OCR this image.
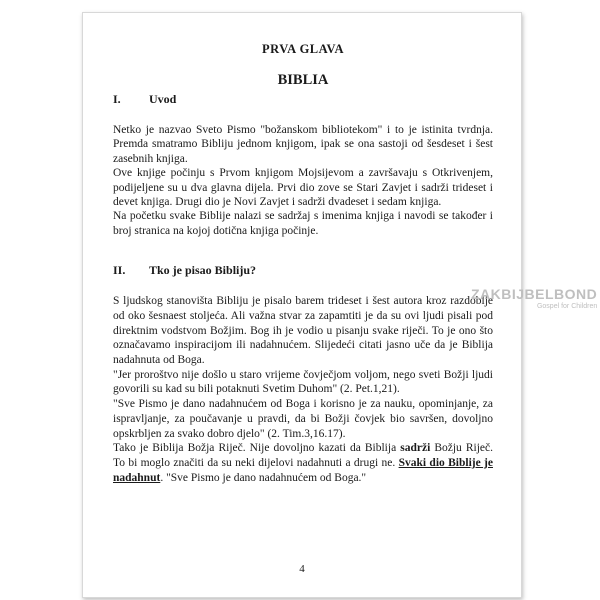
PRVA GLAVA

BIBLIA

I.	Uvod

Netko je nazvao Sveto Pismo "božanskom bibliotekom" i to je istinita tvrdnja. Premda smatramo Bibliju jednom knjigom, ipak se ona sastoji od šesdeset i šest zasebnih knjiga.

Ove knjige počinju s Prvom knjigom Mojsijevom a završavaju s Otkrivenjem, podijeljene su u dva glavna dijela. Prvi dio zove se Stari Zavjet i sadrži trideset i devet knjiga. Drugi dio je Novi Zavjet i sadrži dvadeset i sedam knjiga.

Na početku svake Biblije nalazi se sadržaj s imenima knjiga i navodi se također i broj stranica na kojoj dotična knjiga počinje.

II.	Tko je pisao Bibliju?

S ljudskog stanovišta Bibliju je pisalo barem trideset i šest autora kroz razdoblje od oko šesnaest stoljeća. Ali važna stvar za zapamtiti je da su ovi ljudi pisali pod direktnim vodstvom Božjim. Bog ih je vodio u pisanju svake riječi. To je ono što označavamo inspiracijom ili nadahnućem. Slijedeći citati jasno uče da je Biblija nadahnuta od Boga.

"Jer proroštvo nije došlo u staro vrijeme čovječjom voljom, nego sveti Božji ljudi govorili su kad su bili potaknuti Svetim Duhom" (2. Pet.1,21).

"Sve Pismo je dano nadahnućem od Boga i korisno je za nauku, opominjanje, za ispravljanje, za poučavanje u pravdi, da bi Božji čovjek bio savršen, dovoljno opskrbljen za svako dobro djelo" (2. Tim.3,16.17).

Tako je Biblija Božja Riječ. Nije dovoljno kazati da Biblija sadrži Božju Riječ. To bi moglo značiti da su neki dijelovi nadahnuti a drugi ne. Svaki dio Biblije je nadahnut. "Sve Pismo je dano nadahnućem od Boga."

ZAKBIJBELBOND
Gospel for Children
4
